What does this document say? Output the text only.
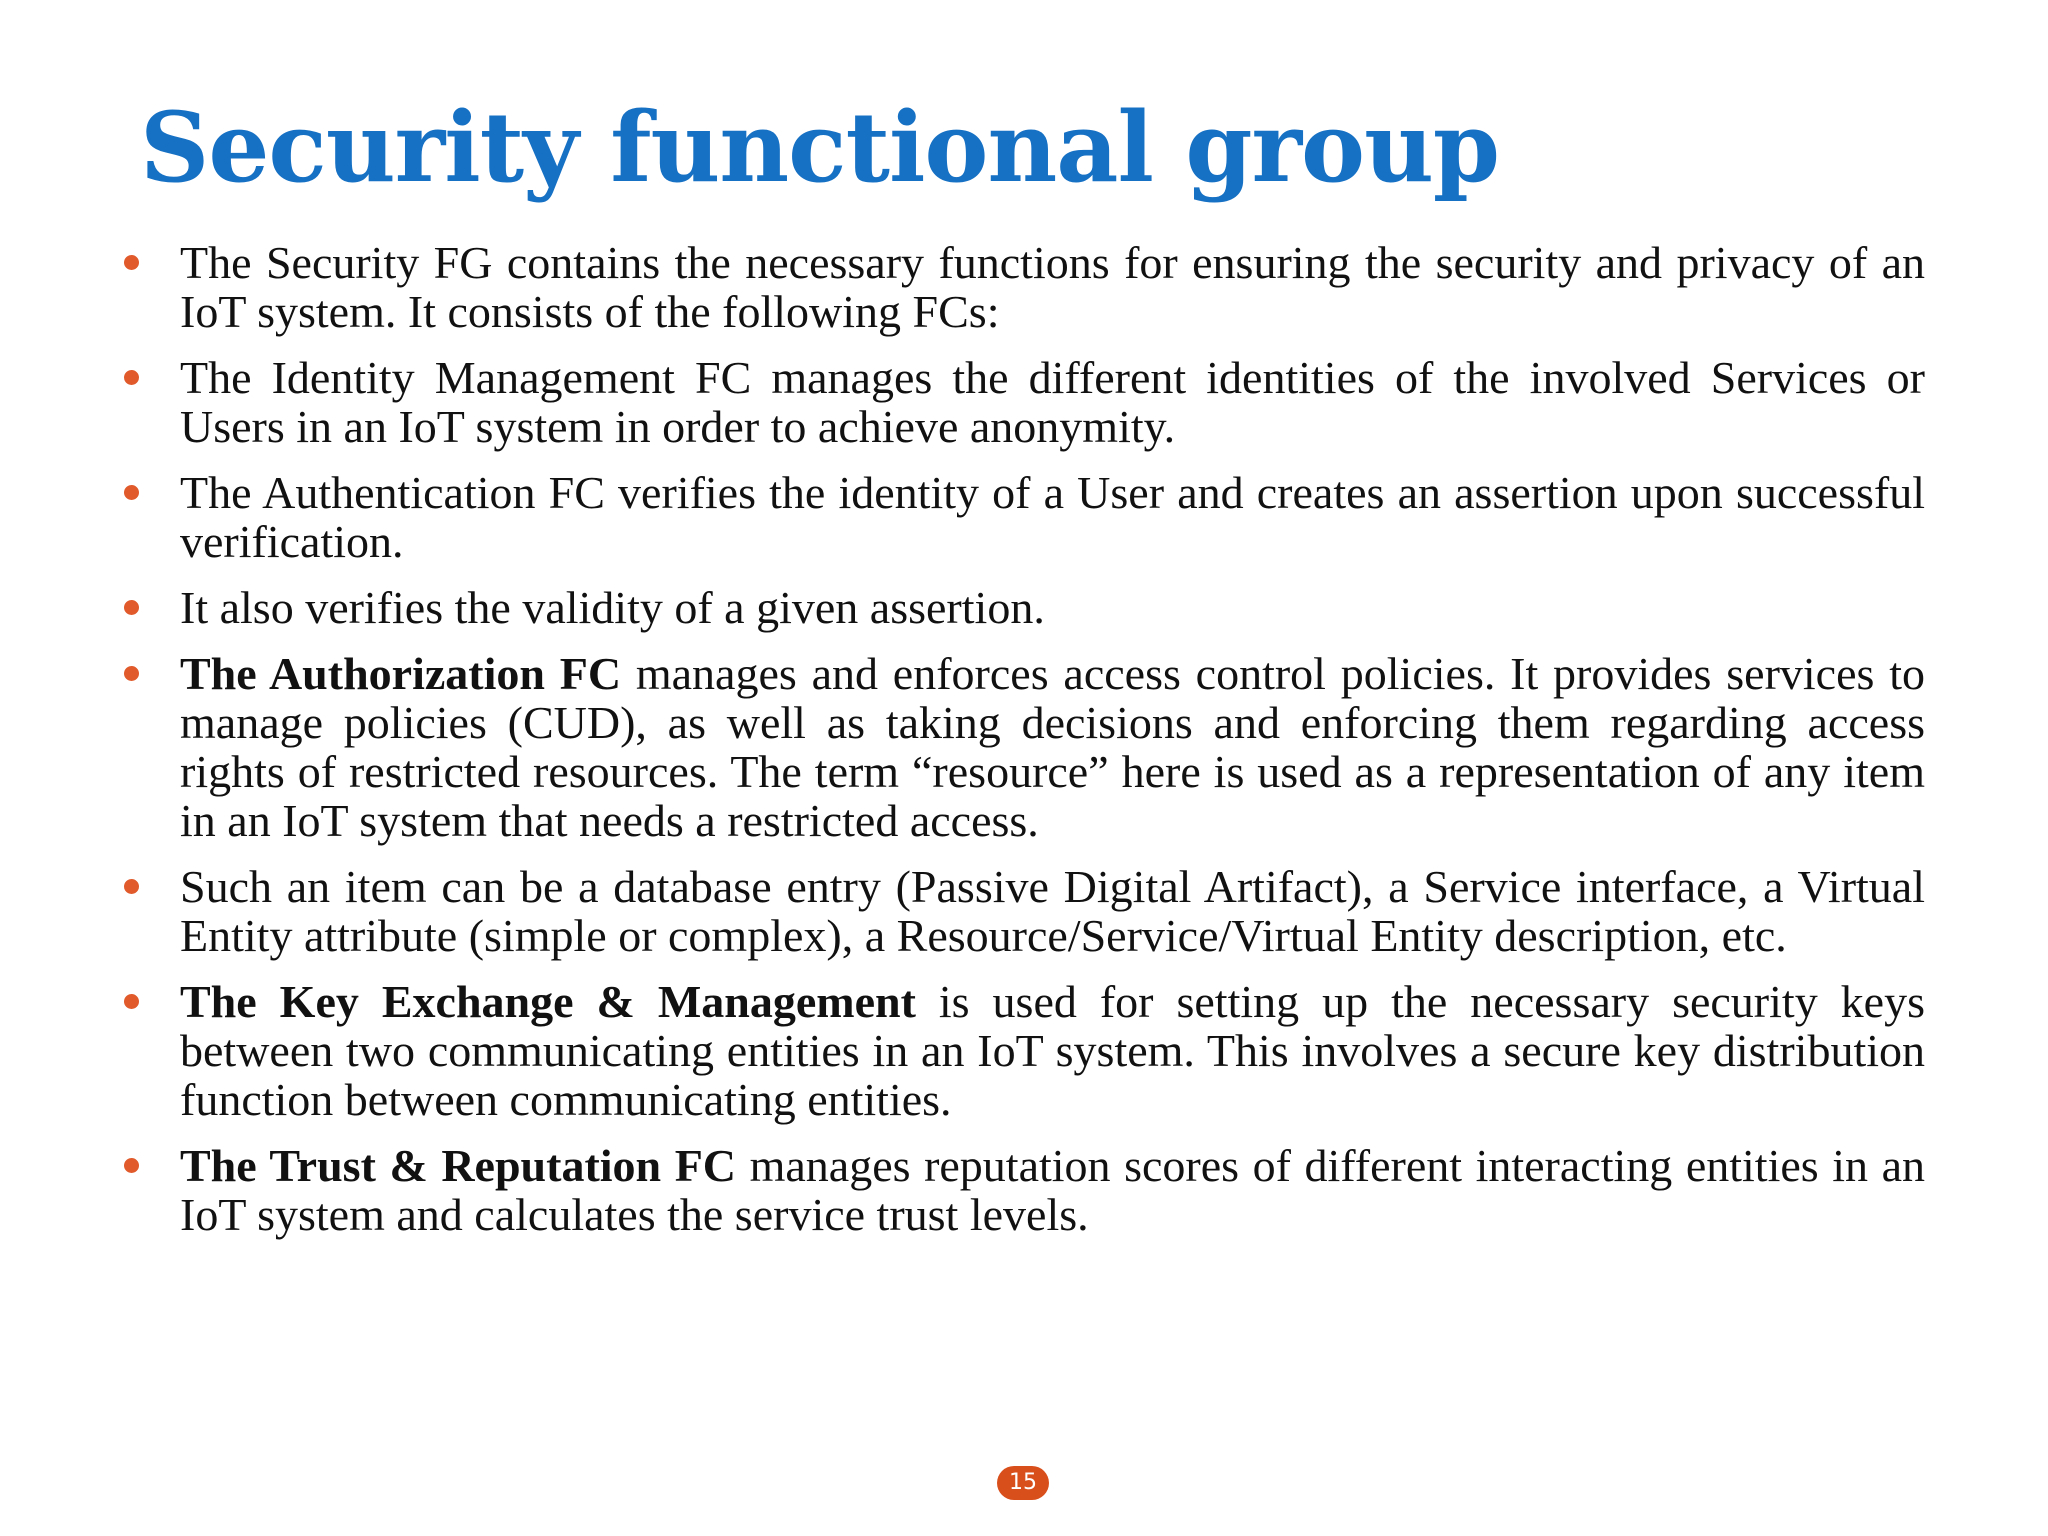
Security functional group
The Security FG contains the necessary functions for ensuring the security and privacy of an IoT system. It consists of the following FCs:
The Identity Management FC manages the different identities of the involved Services or Users in an IoT system in order to achieve anonymity.
The Authentication FC verifies the identity of a User and creates an assertion upon successful verification.
It also verifies the validity of a given assertion.
The Authorization FC manages and enforces access control policies. It provides services to manage policies (CUD), as well as taking decisions and enforcing them regarding access rights of restricted resources. The term “resource” here is used as a representation of any item in an IoT system that needs a restricted access.
Such an item can be a database entry (Passive Digital Artifact), a Service interface, a Virtual Entity attribute (simple or complex), a Resource/Service/Virtual Entity description, etc.
The Key Exchange & Management is used for setting up the necessary security keys between two communicating entities in an IoT system. This involves a secure key distribution function between communicating entities.
The Trust & Reputation FC manages reputation scores of different interacting entities in an IoT system and calculates the service trust levels.
15
